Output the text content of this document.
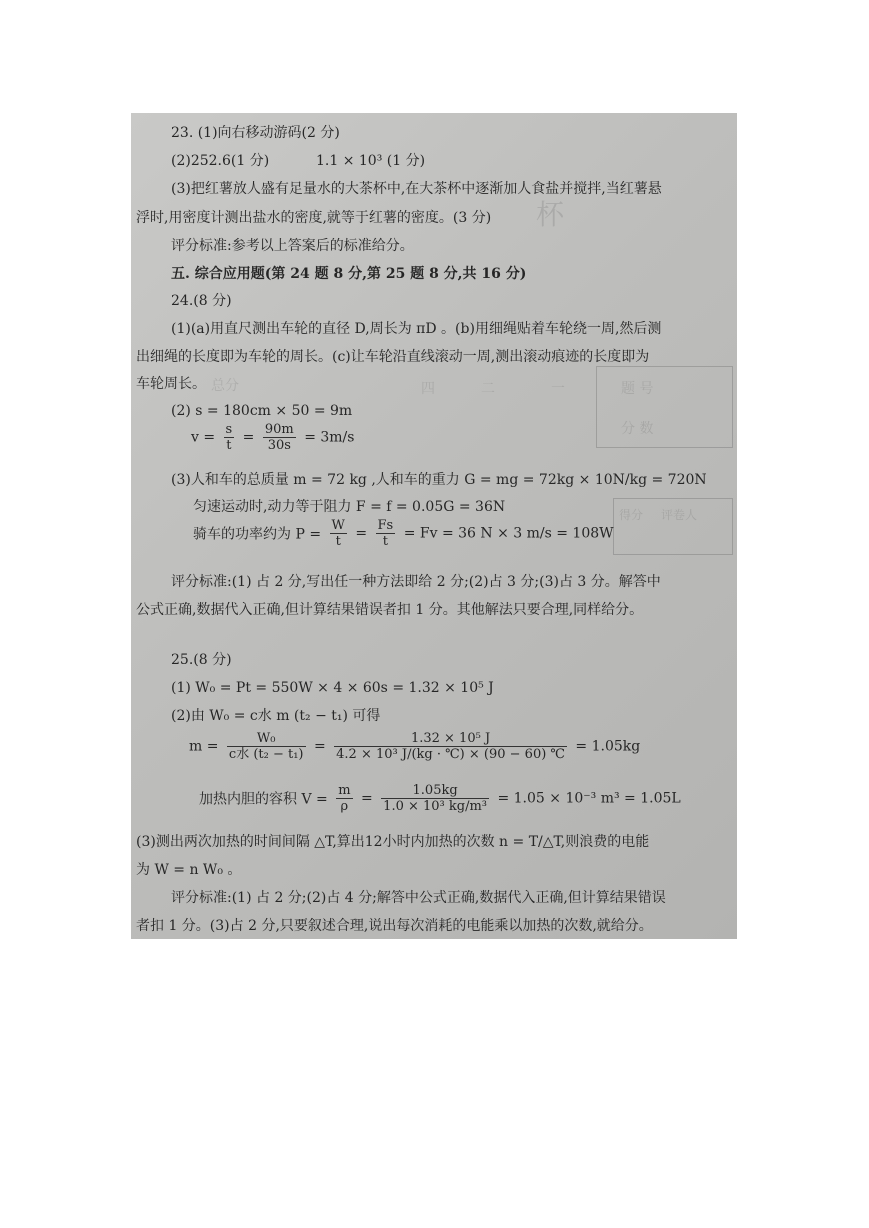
题 号
一
二
四
总分
分 数
得分 评卷人
杯
23. (1)向右移动游码(2 分)
(2)252.6(1 分)	1.1 × 10³ (1 分)
(3)把红薯放人盛有足量水的大茶杯中,在大茶杯中逐渐加人食盐并搅拌,当红薯悬
浮时,用密度计测出盐水的密度,就等于红薯的密度。(3 分)
评分标准:参考以上答案后的标准给分。
五. 综合应用题(第 24 题 8 分,第 25 题 8 分,共 16 分)
24.(8 分)
(1)(a)用直尺测出车轮的直径 D,周长为 πD 。(b)用细绳贴着车轮绕一周,然后测
出细绳的长度即为车轮的周长。(c)让车轮沿直线滚动一周,测出滚动痕迹的长度即为
车轮周长。
(2) s = 180cm × 50 = 9m
$v = \frac{s}{t} = \frac{90m}{30s} = 3m/s$
(3)人和车的总质量 m = 72 kg ,人和车的重力 G = mg = 72kg × 10N/kg = 720N
匀速运动时,动力等于阻力 F = f = 0.05G = 36N
骑车的功率约为 $P = \frac{W}{t} = \frac{Fs}{t} = Fv = 36$ N × 3 m/s = 108W
评分标准:(1) 占 2 分,写出任一种方法即给 2 分;(2)占 3 分;(3)占 3 分。解答中
公式正确,数据代入正确,但计算结果错误者扣 1 分。其他解法只要合理,同样给分。
25.(8 分)
(1) W₀ = Pt = 550W × 4 × 60s = 1.32 × 10⁵ J
(2)由 W₀ = c水 m (t₂ − t₁) 可得
$m = \frac{\text{W₀}}{\text{c水 (t₂ − t₁)}} = \frac{\text{1.32 × 10⁵ J}}{\text{4.2 × 10³ J/(kg · ℃) × (90 − 60) ℃}} = 1.05kg$
加热内胆的容积 $V = \frac{m}{\rho} = \frac{1.05kg}{\text{1.0 × 10³ kg/m³}} = 1.05 \times 10^{-3}$ m³ = 1.05L
(3)测出两次加热的时间间隔 △T,算出12小时内加热的次数 n = T/△T,则浪费的电能
为 W = n W₀ 。
评分标准:(1) 占 2 分;(2)占 4 分;解答中公式正确,数据代入正确,但计算结果错误
者扣 1 分。(3)占 2 分,只要叙述合理,说出每次消耗的电能乘以加热的次数,就给分。
